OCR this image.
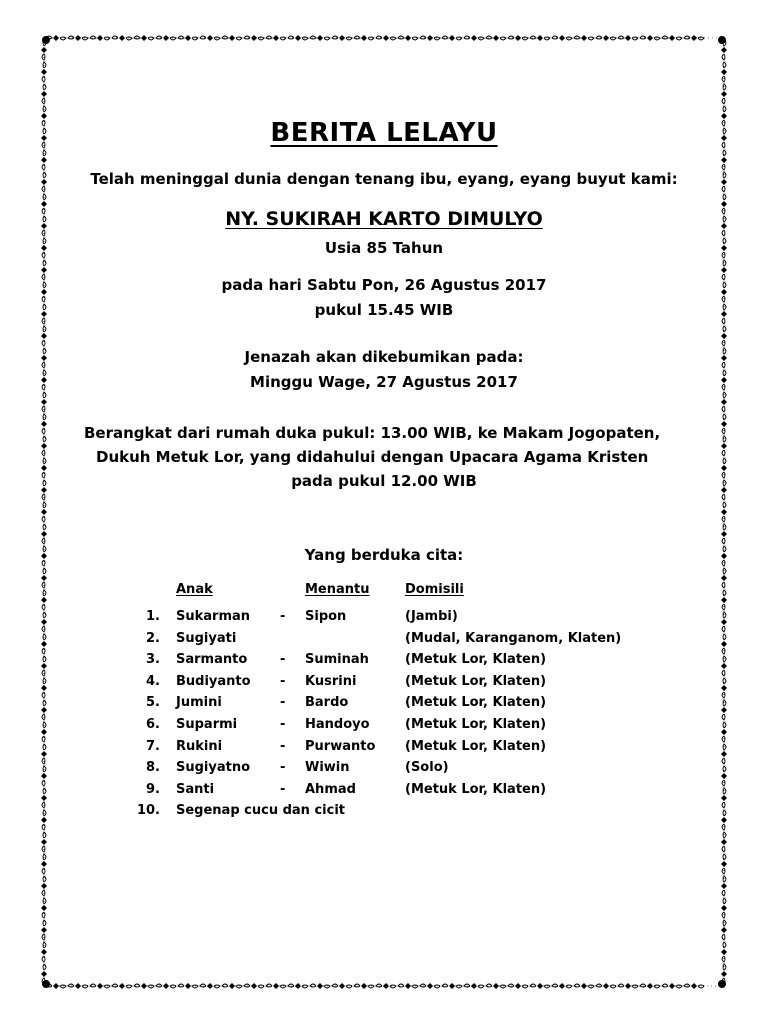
BERITA LELAYU
Telah meninggal dunia dengan tenang ibu, eyang, eyang buyut kami:
NY. SUKIRAH KARTO DIMULYO
Usia 85 Tahun
pada hari Sabtu Pon, 26 Agustus 2017
pukul 15.45 WIB
Jenazah akan dikebumikan pada:
Minggu Wage, 27 Agustus 2017
Berangkat dari rumah duka pukul: 13.00 WIB, ke Makam Jogopaten,
Dukuh Metuk Lor, yang didahului dengan Upacara Agama Kristen
pada pukul 12.00 WIB
Yang berduka cita:
Anak	Menantu	Domisili
1. Sukarman - Sipon	(Jambi)
2. Sugiyati	(Mudal, Karanganom, Klaten)
3. Sarmanto	- Suminah	(Metuk Lor, Klaten)
4. Budiyanto - Kusrini	(Metuk Lor, Klaten)
5. Jumini	- Bardo	(Metuk Lor, Klaten)
6. Suparmi	- Handoyo	(Metuk Lor, Klaten)
7. Rukini	- Purwanto (Metuk Lor, Klaten)
8. Sugiyatno - Wiwin	(Solo)
9. Santi	- Ahmad	(Metuk Lor, Klaten)
10. Segenap cucu dan cicit
